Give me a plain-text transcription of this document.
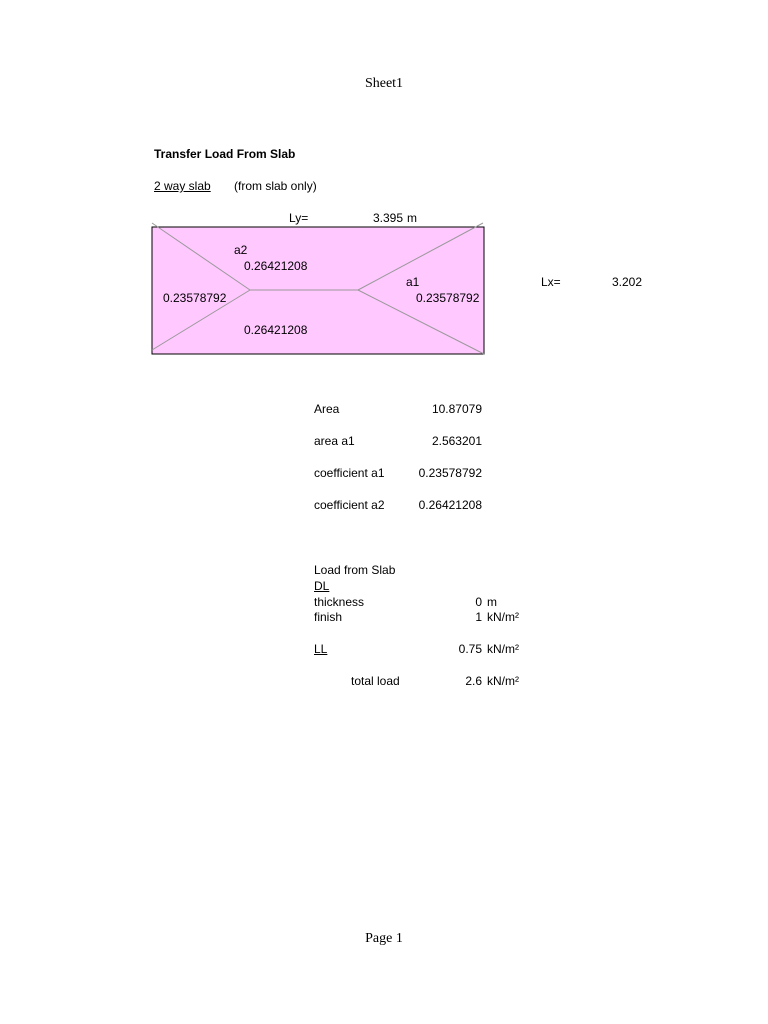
Sheet1
Transfer Load From Slab
2 way slab (from slab only)
Ly=	3.395 m
Lx=	3.202
a2
0.26421208
a1
0.23578792	0.23578792
0.26421208
Area	10.87079
area a1	2.563201
coefficient a1	0.23578792
coefficient a2	0.26421208
Load from Slab
DL
thickness	0 m
finish	1 kN/m²
LL	0.75 kN/m²
total load	2.6 kN/m²
Page 1
